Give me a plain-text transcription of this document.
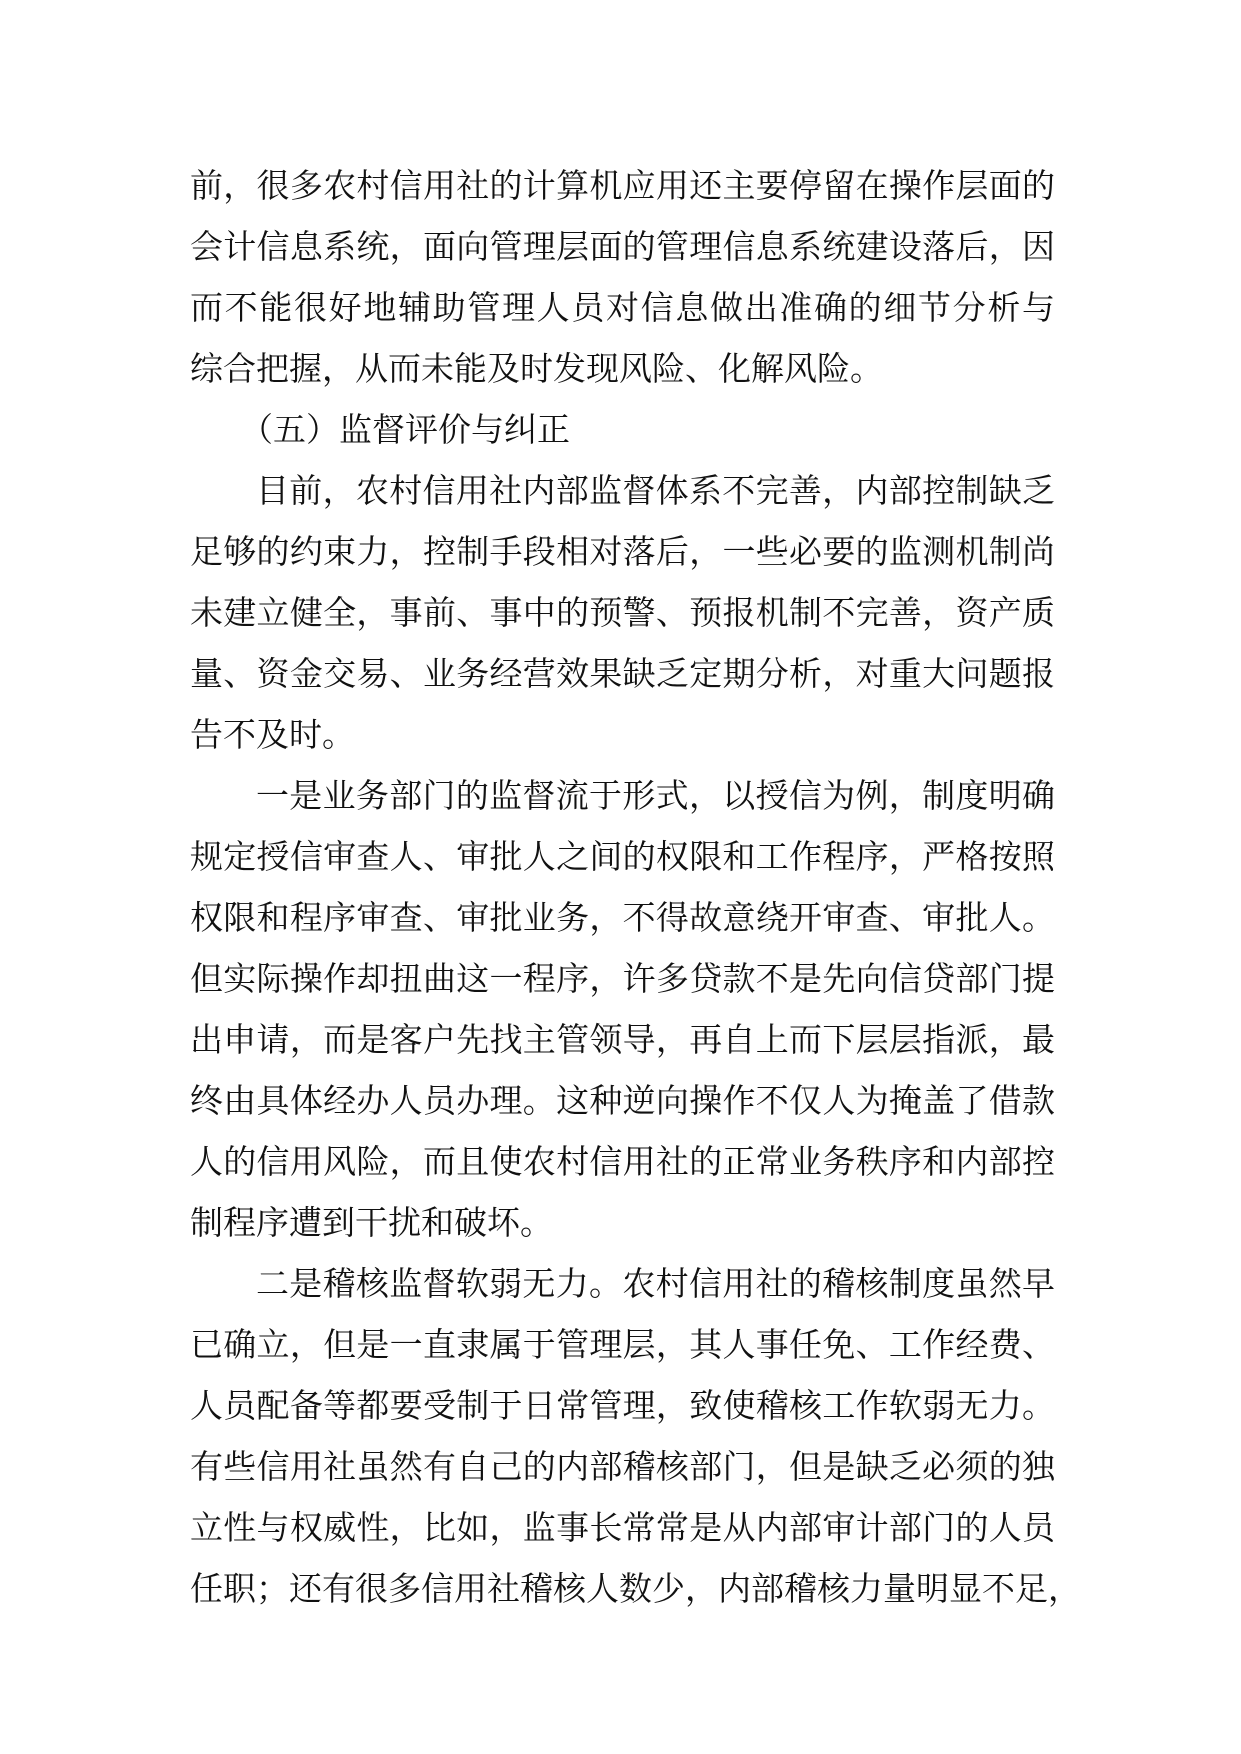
前，很多农村信用社的计算机应用还主要停留在操作层面的
会计信息系统，面向管理层面的管理信息系统建设落后，因
而不能很好地辅助管理人员对信息做出准确的细节分析与
综合把握，从而未能及时发现风险、化解风险。
（五）监督评价与纠正
目前，农村信用社内部监督体系不完善，内部控制缺乏
足够的约束力，控制手段相对落后，一些必要的监测机制尚
未建立健全，事前、事中的预警、预报机制不完善，资产质
量、资金交易、业务经营效果缺乏定期分析，对重大问题报
告不及时。
一是业务部门的监督流于形式，以授信为例，制度明确
规定授信审查人、审批人之间的权限和工作程序，严格按照
权限和程序审查、审批业务，不得故意绕开审查、审批人。
但实际操作却扭曲这一程序，许多贷款不是先向信贷部门提
出申请，而是客户先找主管领导，再自上而下层层指派，最
终由具体经办人员办理。这种逆向操作不仅人为掩盖了借款
人的信用风险，而且使农村信用社的正常业务秩序和内部控
制程序遭到干扰和破坏。
二是稽核监督软弱无力。农村信用社的稽核制度虽然早
已确立，但是一直隶属于管理层，其人事任免、工作经费、
人员配备等都要受制于日常管理，致使稽核工作软弱无力。
有些信用社虽然有自己的内部稽核部门，但是缺乏必须的独
立性与权威性，比如，监事长常常是从内部审计部门的人员
任职；还有很多信用社稽核人数少，内部稽核力量明显不足，
